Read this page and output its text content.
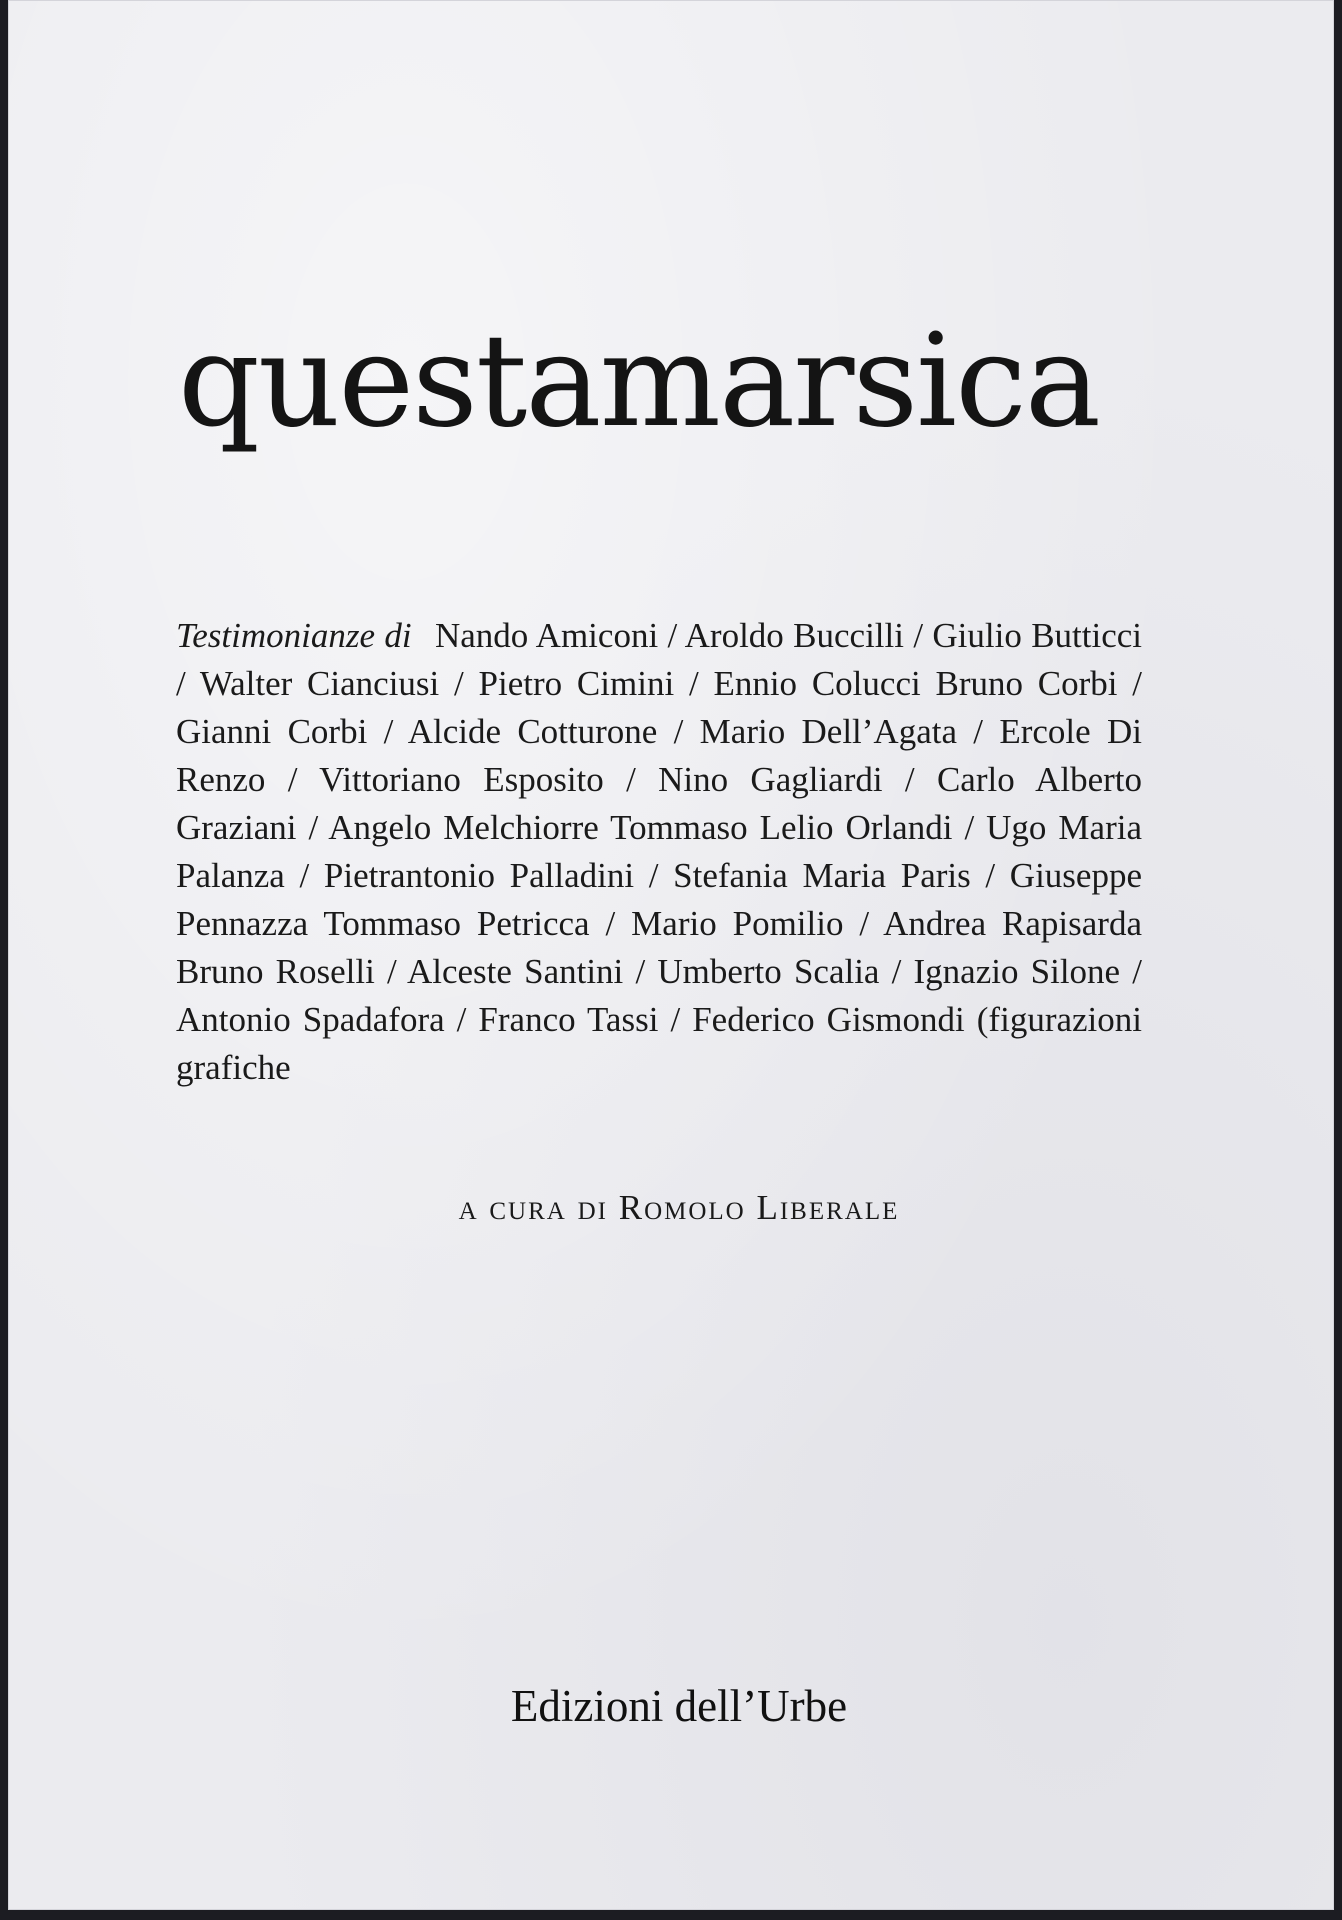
questamarsica

Testimonianze di Nando Amiconi / Aroldo Buccilli / Giulio Butticci / Walter Cianciusi / Pietro Cimini / Ennio Colucci Bruno Corbi / Gianni Corbi / Alcide Cotturone / Mario Dell’Agata / Ercole Di Renzo / Vittoriano Esposito / Nino Gagliardi / Carlo Alberto Graziani / Angelo Melchiorre Tommaso Lelio Orlandi / Ugo Maria Palanza / Pietrantonio Palladini / Stefania Maria Paris / Giuseppe Pennazza Tommaso Petricca / Mario Pomilio / Andrea Rapisarda Bruno Roselli / Alceste Santini / Umberto Scalia / Ignazio Silone / Antonio Spadafora / Franco Tassi / Federico Gismondi (figurazioni grafiche

a cura di Romolo Liberale
Edizioni dell’Urbe
